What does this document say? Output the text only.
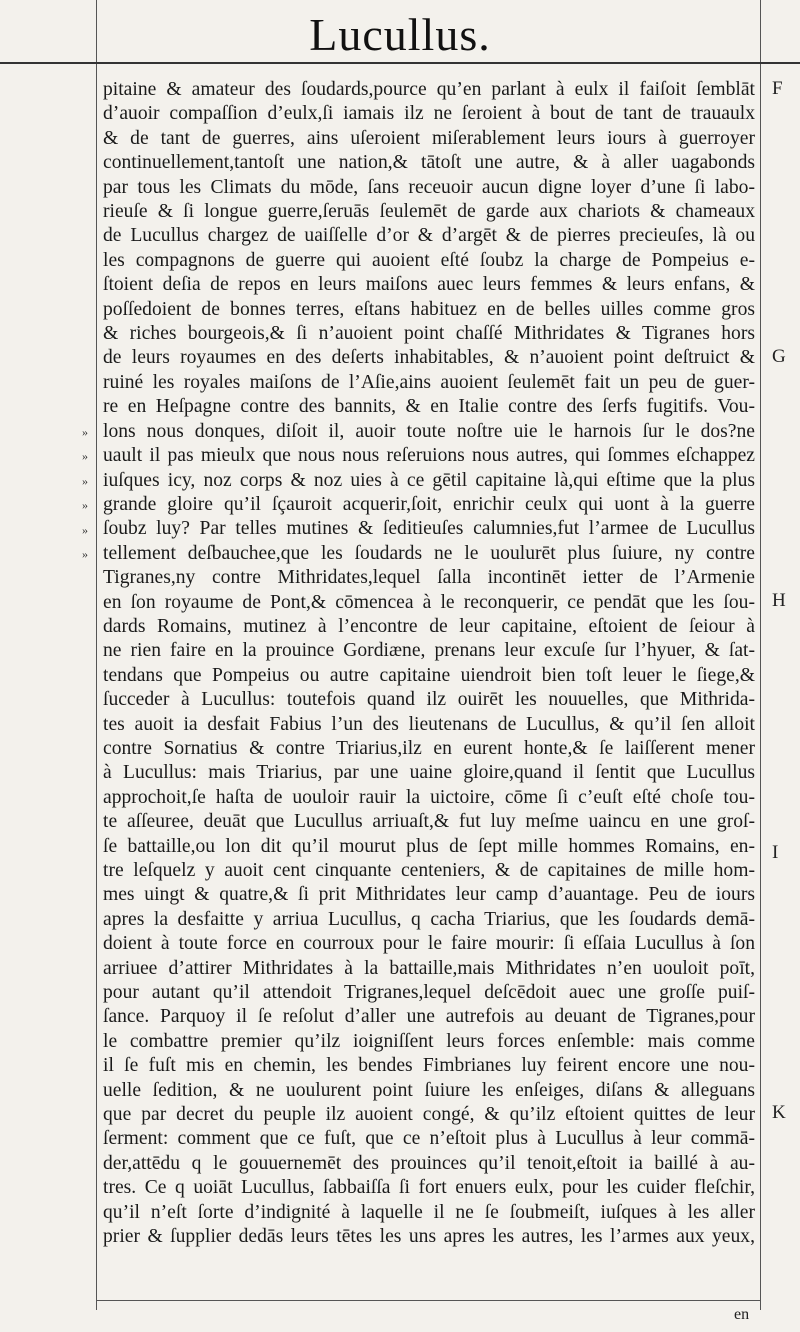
Lucullus.
pitaine & amateur des ſoudards,pource qu’en parlant à eulx il faiſoit ſemblāt
d’auoir compaſſion d’eulx,ſi iamais ilz ne ſeroient à bout de tant de trauaulx
& de tant de guerres, ains uſeroient miſerablement leurs iours à guerroyer
continuellement,tantoſt une nation,& tātoſt une autre, & à aller uagabonds
par tous les Climats du mōde, ſans receuoir aucun digne loyer d’une ſi labo-
rieuſe & ſi longue guerre,ſeruās ſeulemēt de garde aux chariots & chameaux
de Lucullus chargez de uaiſſelle d’or & d’argēt & de pierres precieuſes, là ou
les compagnons de guerre qui auoient eſté ſoubz la charge de Pompeius e-
ſtoient deſia de repos en leurs maiſons auec leurs femmes & leurs enfans, &
poſſedoient de bonnes terres, eſtans habituez en de belles uilles comme gros
& riches bourgeois,& ſi n’auoient point chaſſé Mithridates & Tigranes hors
de leurs royaumes en des deſerts inhabitables, & n’auoient point deſtruict &
ruiné les royales maiſons de l’Aſie,ains auoient ſeulemēt fait un peu de guer-
re en Heſpagne contre des bannits, & en Italie contre des ſerfs fugitifs. Vou-
lons nous donques, diſoit il, auoir toute noſtre uie le harnois ſur le dos?ne
uault il pas mieulx que nous nous reſeruions nous autres, qui ſommes eſchappez
iuſques icy, noz corps & noz uies à ce gētil capitaine là,qui eſtime que la plus
grande gloire qu’il ſçauroit acquerir,ſoit, enrichir ceulx qui uont à la guerre
ſoubz luy? Par telles mutines & ſeditieuſes calumnies,fut l’armee de Lucullus
tellement deſbauchee,que les ſoudards ne le uoulurēt plus ſuiure, ny contre
Tigranes,ny contre Mithridates,lequel ſalla incontinēt ietter de l’Armenie
en ſon royaume de Pont,& cōmencea à le reconquerir, ce pendāt que les ſou-
dards Romains, mutinez à l’encontre de leur capitaine, eſtoient de ſeiour à
ne rien faire en la prouince Gordiæne, prenans leur excuſe ſur l’hyuer, & ſat-
tendans que Pompeius ou autre capitaine uiendroit bien toſt leuer le ſiege,&
ſucceder à Lucullus: toutefois quand ilz ouirēt les nouuelles, que Mithrida-
tes auoit ia desfait Fabius l’un des lieutenans de Lucullus, & qu’il ſen alloit
contre Sornatius & contre Triarius,ilz en eurent honte,& ſe laiſſerent mener
à Lucullus: mais Triarius, par une uaine gloire,quand il ſentit que Lucullus
approchoit,ſe haſta de uouloir rauir la uictoire, cōme ſi c’euſt eſté choſe tou-
te aſſeuree, deuāt que Lucullus arriuaſt,& fut luy meſme uaincu en une groſ-
ſe battaille,ou lon dit qu’il mourut plus de ſept mille hommes Romains, en-
tre leſquelz y auoit cent cinquante centeniers, & de capitaines de mille hom-
mes uingt & quatre,& ſi prit Mithridates leur camp d’auantage. Peu de iours
apres la desfaitte y arriua Lucullus, q cacha Triarius, que les ſoudards demā-
doient à toute force en courroux pour le faire mourir: ſi eſſaia Lucullus à ſon
arriuee d’attirer Mithridates à la battaille,mais Mithridates n’en uouloit poīt,
pour autant qu’il attendoit Trigranes,lequel deſcēdoit auec une groſſe puiſ-
ſance. Parquoy il ſe reſolut d’aller une autrefois au deuant de Tigranes,pour
le combattre premier qu’ilz ioigniſſent leurs forces enſemble: mais comme
il ſe fuſt mis en chemin, les bendes Fimbrianes luy feirent encore une nou-
uelle ſedition, & ne uoulurent point ſuiure les enſeiges, diſans & alleguans
que par decret du peuple ilz auoient congé, & qu’ilz eſtoient quittes de leur
ſerment: comment que ce fuſt, que ce n’eſtoit plus à Lucullus à leur commā-
der,attēdu q le gouuernemēt des prouinces qu’il tenoit,eſtoit ia baillé à au-
tres. Ce q uoiāt Lucullus, ſabbaiſſa ſi fort enuers eulx, pour les cuider fleſchir,
qu’il n’eſt ſorte d’indignité à laquelle il ne ſe ſoubmeiſt, iuſques à les aller
prier & ſupplier dedās leurs tētes les uns apres les autres, les l’armes aux yeux,
»
»
»
»
»
»
F
G
H
I
K
en
